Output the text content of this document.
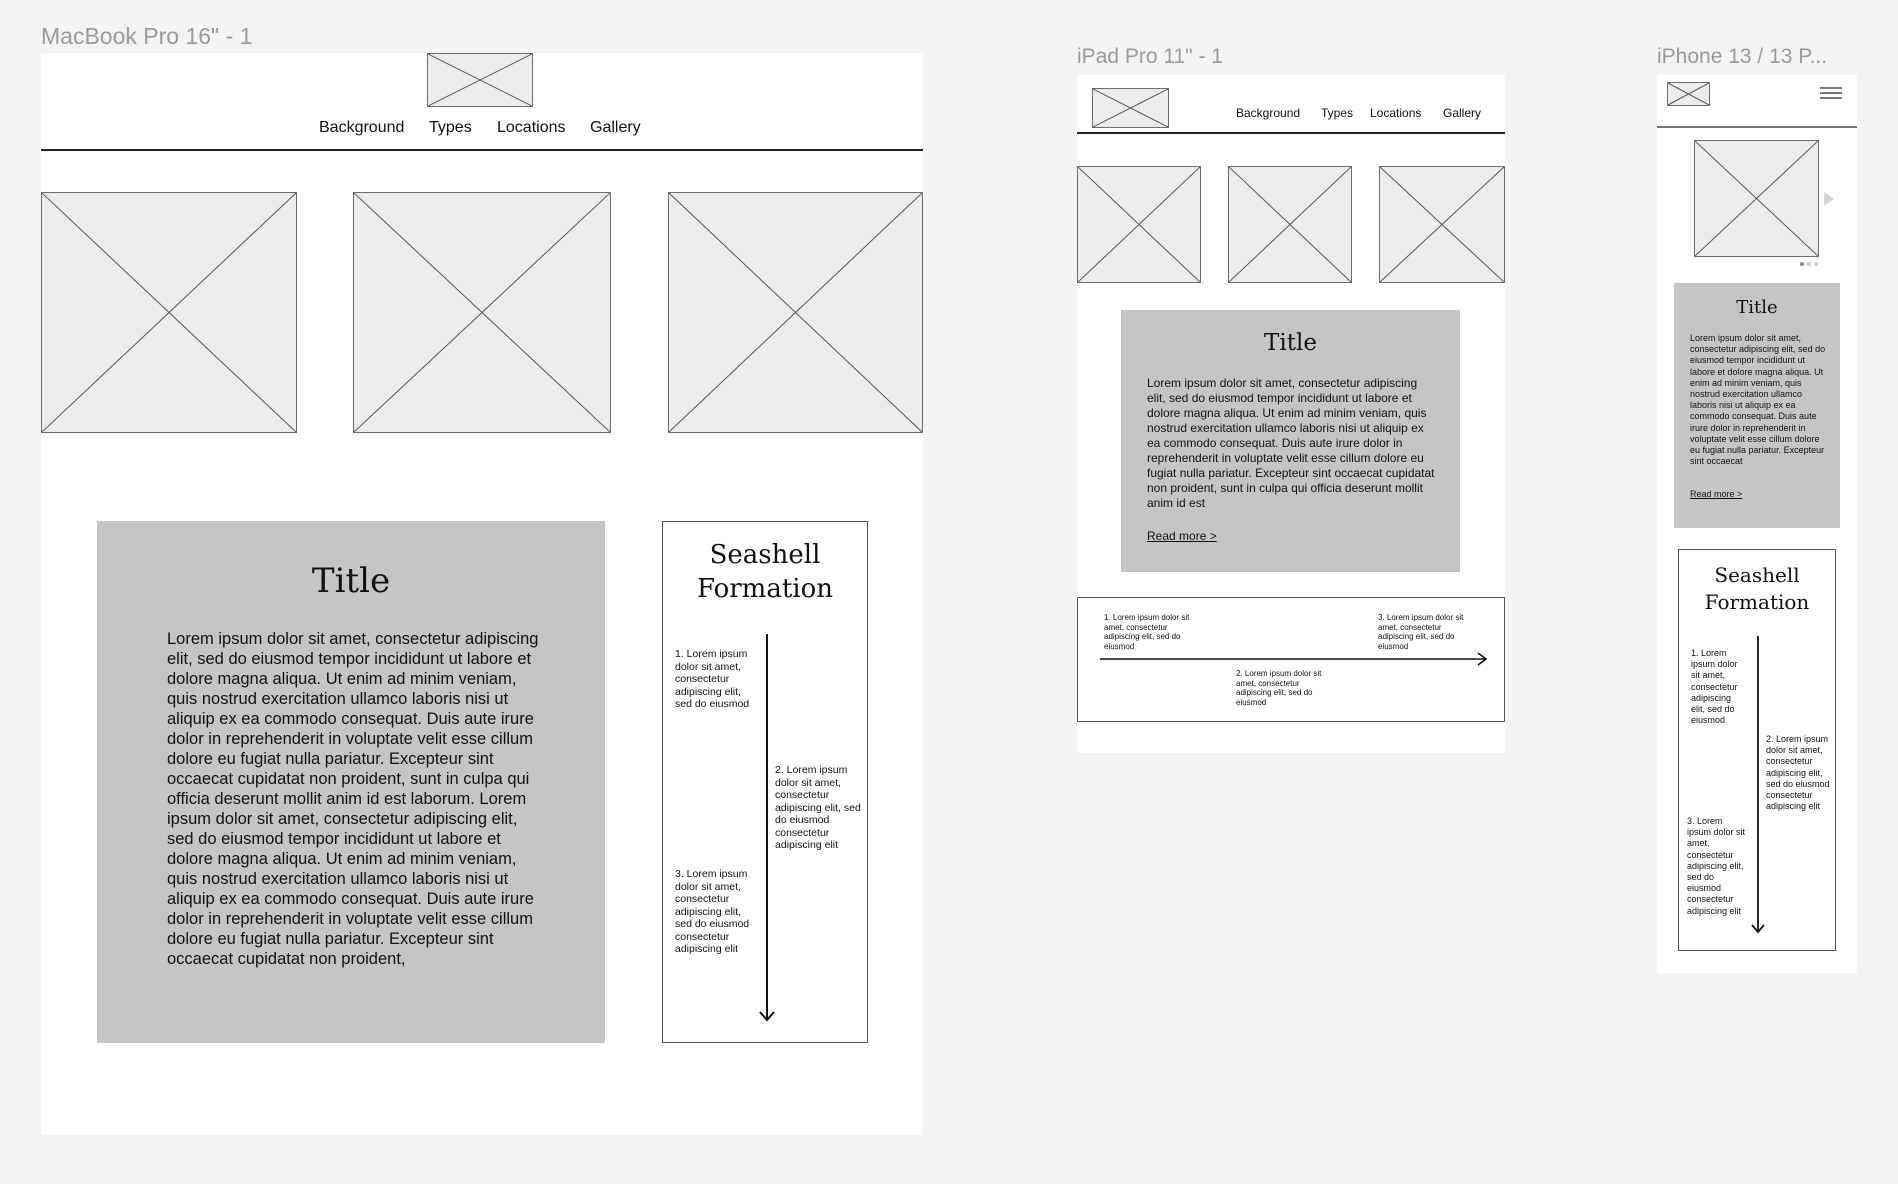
MacBook Pro 16" - 1
Background Types Locations Gallery
Title
Lorem ipsum dolor sit amet, consectetur adipiscing elit, sed do eiusmod tempor incididunt ut labore et dolore magna aliqua. Ut enim ad minim veniam, quis nostrud exercitation ullamco laboris nisi ut aliquip ex ea commodo consequat. Duis aute irure dolor in reprehenderit in voluptate velit esse cillum dolore eu fugiat nulla pariatur. Excepteur sint occaecat cupidatat non proident, sunt in culpa qui officia deserunt mollit anim id est laborum. Lorem ipsum dolor sit amet, consectetur adipiscing elit, sed do eiusmod tempor incididunt ut labore et dolore magna aliqua. Ut enim ad minim veniam, quis nostrud exercitation ullamco laboris nisi ut aliquip ex ea commodo consequat. Duis aute irure dolor in reprehenderit in voluptate velit esse cillum dolore eu fugiat nulla pariatur. Excepteur sint occaecat cupidatat non proident,
Seashell Formation
1. Lorem ipsum dolor sit amet, consectetur adipiscing elit, sed do eiusmod
2. Lorem ipsum dolor sit amet, consectetur adipiscing elit, sed do eiusmod consectetur adipiscing elit
3. Lorem ipsum dolor sit amet, consectetur adipiscing elit, sed do eiusmod consectetur adipiscing elit
iPad Pro 11" - 1
Background Types Locations Gallery
Title
Lorem ipsum dolor sit amet, consectetur adipiscing elit, sed do eiusmod tempor incididunt ut labore et dolore magna aliqua. Ut enim ad minim veniam, quis nostrud exercitation ullamco laboris nisi ut aliquip ex ea commodo consequat. Duis aute irure dolor in reprehenderit in voluptate velit esse cillum dolore eu fugiat nulla pariatur. Excepteur sint occaecat cupidatat non proident, sunt in culpa qui officia deserunt mollit anim id est
Read more >
1. Lorem ipsum dolor sit amet, consectetur adipiscing elit, sed do eiusmod
3. Lorem ipsum dolor sit amet, consectetur adipiscing elit, sed do eiusmod
2. Lorem ipsum dolor sit amet, consectetur adipiscing elit, sed do eiusmod
iPhone 13 / 13 P...
Title
Lorem ipsum dolor sit amet, consectetur adipiscing elit, sed do eiusmod tempor incididunt ut labore et dolore magna aliqua. Ut enim ad minim veniam, quis nostrud exercitation ullamco laboris nisi ut aliquip ex ea commodo consequat. Duis aute irure dolor in reprehenderit in voluptate velit esse cillum dolore eu fugiat nulla pariatur. Excepteur sint occaecat
Read more >
Seashell Formation
1. Lorem ipsum dolor sit amet, consectetur adipiscing elit, sed do eiusmod
2. Lorem ipsum dolor sit amet, consectetur adipiscing elit, sed do eiusmod consectetur adipiscing elit
3. Lorem ipsum dolor sit amet, consectetur adipiscing elit, sed do eiusmod consectetur adipiscing elit
